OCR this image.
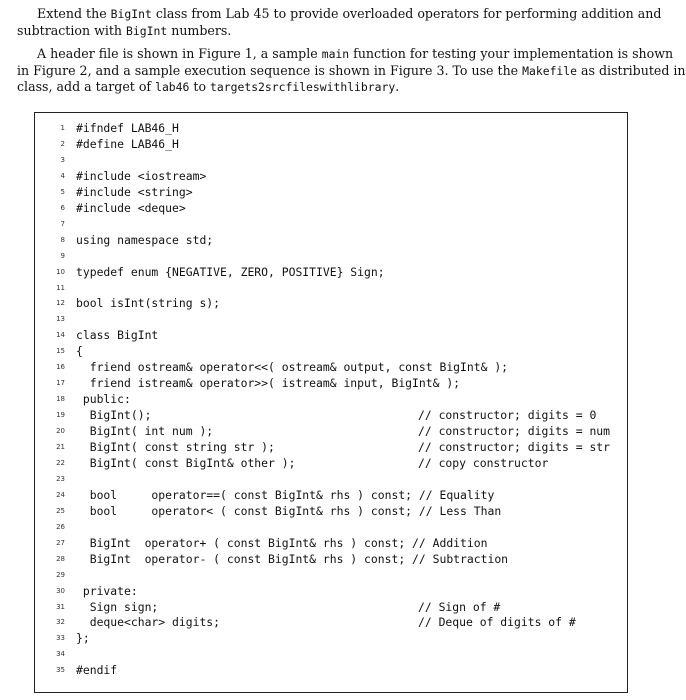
Extend the BigInt class from Lab 45 to provide overloaded operators for performing addition and
subtraction with BigInt numbers.
A header file is shown in Figure 1, a sample main function for testing your implementation is shown
in Figure 2, and a sample execution sequence is shown in Figure 3. To use the Makefile as distributed in
class, add a target of lab46 to targets2srcfileswithlibrary.
1 #ifndef LAB46_H
2 #define LAB46_H
3
4 #include <iostream>
5 #include <string>
6 #include <deque>
7
8 using namespace std;
9
10 typedef enum {NEGATIVE, ZERO, POSITIVE} Sign;
11
12 bool isInt(string s);
13
14 class BigInt
15 {
16 friend ostream& operator<<( ostream& output, const BigInt& );
17 friend istream& operator>>( istream& input, BigInt& );
18 public:
19 BigInt();	// constructor; digits = 0
20 BigInt( int num );	// constructor; digits = num
21 BigInt( const string str );	// constructor; digits = str
22 BigInt( const BigInt& other );	// copy constructor
23
24 bool     operator==( const BigInt& rhs ) const; // Equality
25 bool     operator< ( const BigInt& rhs ) const; // Less Than
26
27 BigInt  operator+ ( const BigInt& rhs ) const; // Addition
28 BigInt  operator- ( const BigInt& rhs ) const; // Subtraction
29
30 private:
31 Sign sign;	// Sign of #
32 deque<char> digits;	// Deque of digits of #
33 };
34
35 #endif
